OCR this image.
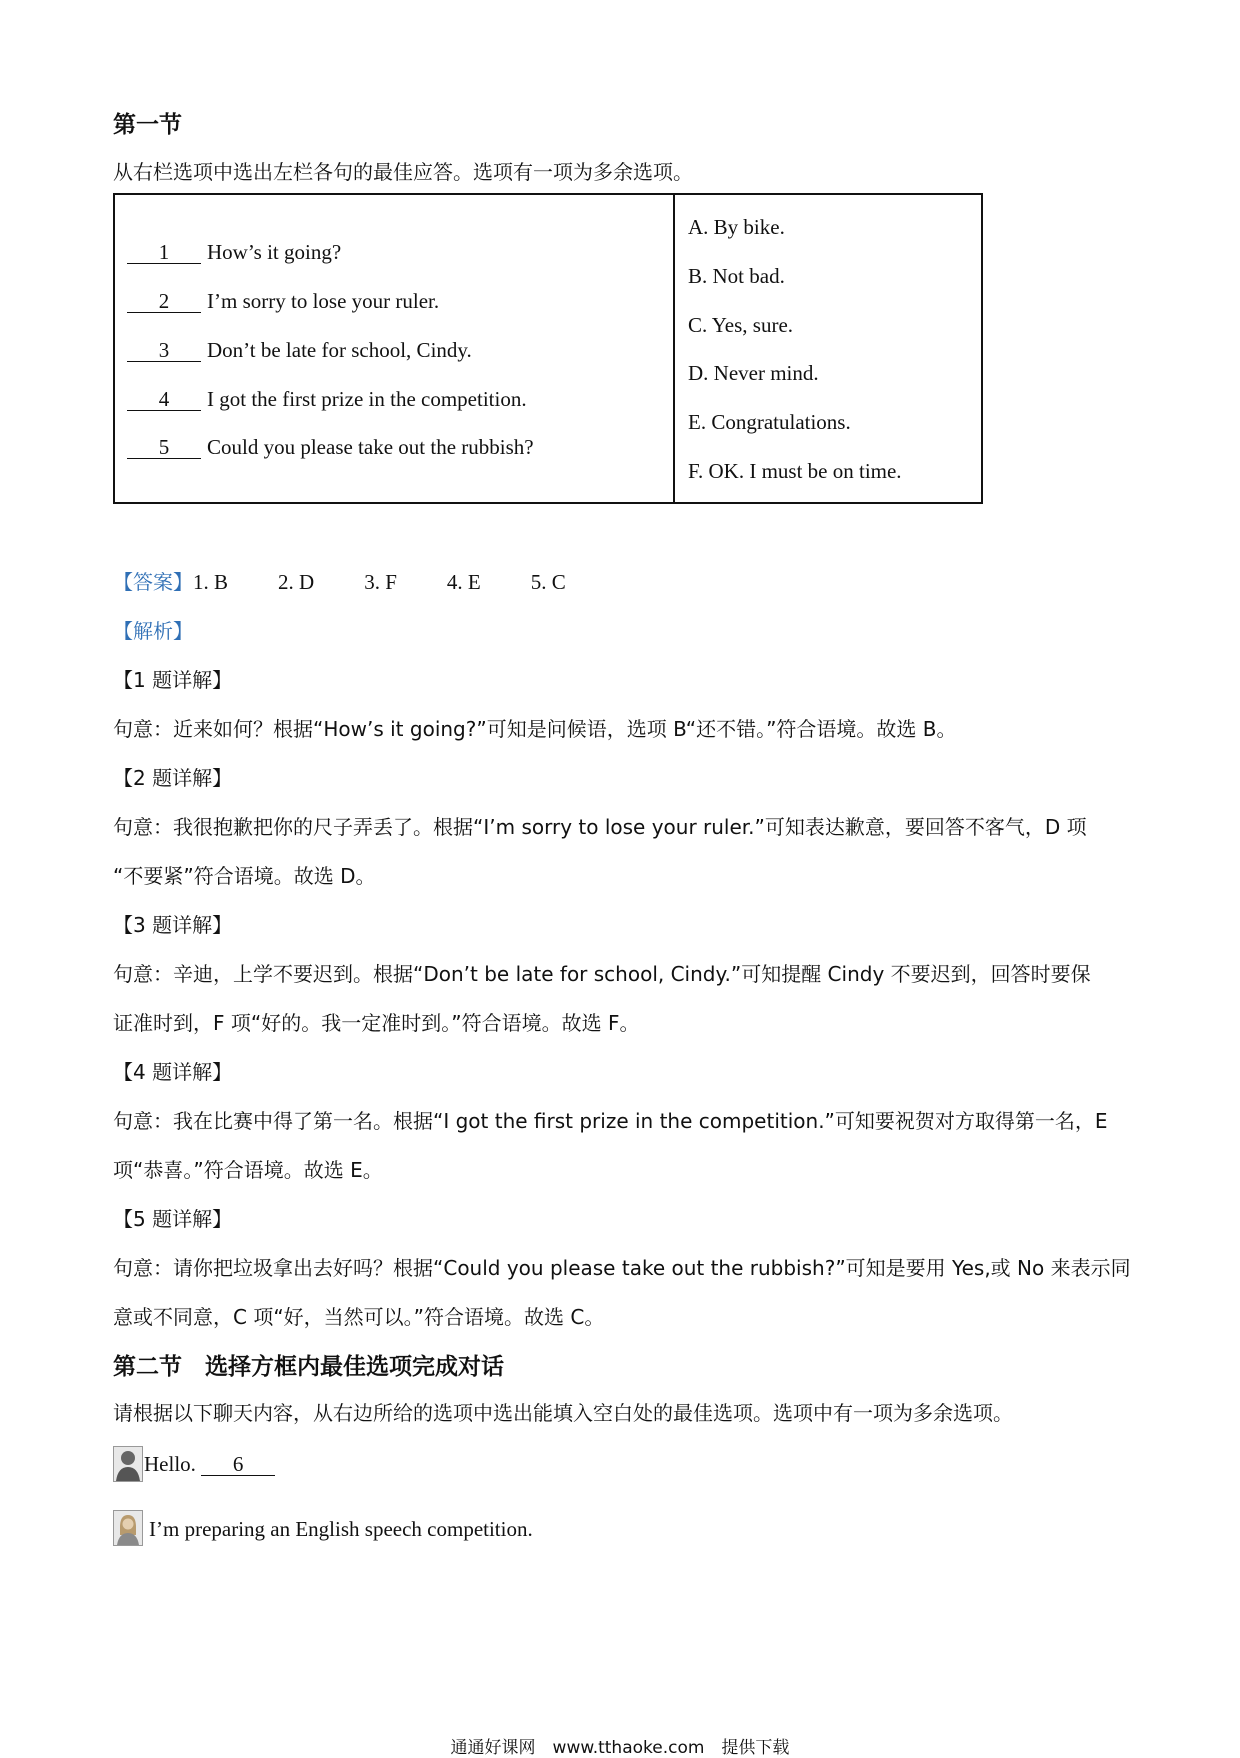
第一节
从右栏选项中选出左栏各句的最佳应答。选项有一项为多余选项。
1 How’s it going?
2 I’m sorry to lose your ruler.
3 Don’t be late for school, Cindy.
4 I got the first prize in the competition.
5 Could you please take out the rubbish?
A. By bike.
B. Not bad.
C. Yes, sure.
D. Never mind.
E. Congratulations.
F. OK. I must be on time.
【答案】1. B 2. D 3. F 4. E 5. C
【解析】
【1 题详解】
句意：近来如何？根据“How’s it going?”可知是问候语，选项 B“还不错。”符合语境。故选 B。
【2 题详解】
句意：我很抱歉把你的尺子弄丢了。根据“I’m sorry to lose your ruler.”可知表达歉意，要回答不客气，D 项
“不要紧”符合语境。故选 D。
【3 题详解】
句意：辛迪，上学不要迟到。根据“Don’t be late for school, Cindy.”可知提醒 Cindy 不要迟到，回答时要保
证准时到，F 项“好的。我一定准时到。”符合语境。故选 F。
【4 题详解】
句意：我在比赛中得了第一名。根据“I got the first prize in the competition.”可知要祝贺对方取得第一名，E
项“恭喜。”符合语境。故选 E。
【5 题详解】
句意：请你把垃圾拿出去好吗？根据“Could you please take out the rubbish?”可知是要用 Yes,或 No 来表示同
意或不同意，C 项“好，当然可以。”符合语境。故选 C。
第二节　选择方框内最佳选项完成对话
请根据以下聊天内容，从右边所给的选项中选出能填入空白处的最佳选项。选项中有一项为多余选项。
Hello. 6
I’m preparing an English speech competition.
通通好课网　www.tthaoke.com　提供下载
